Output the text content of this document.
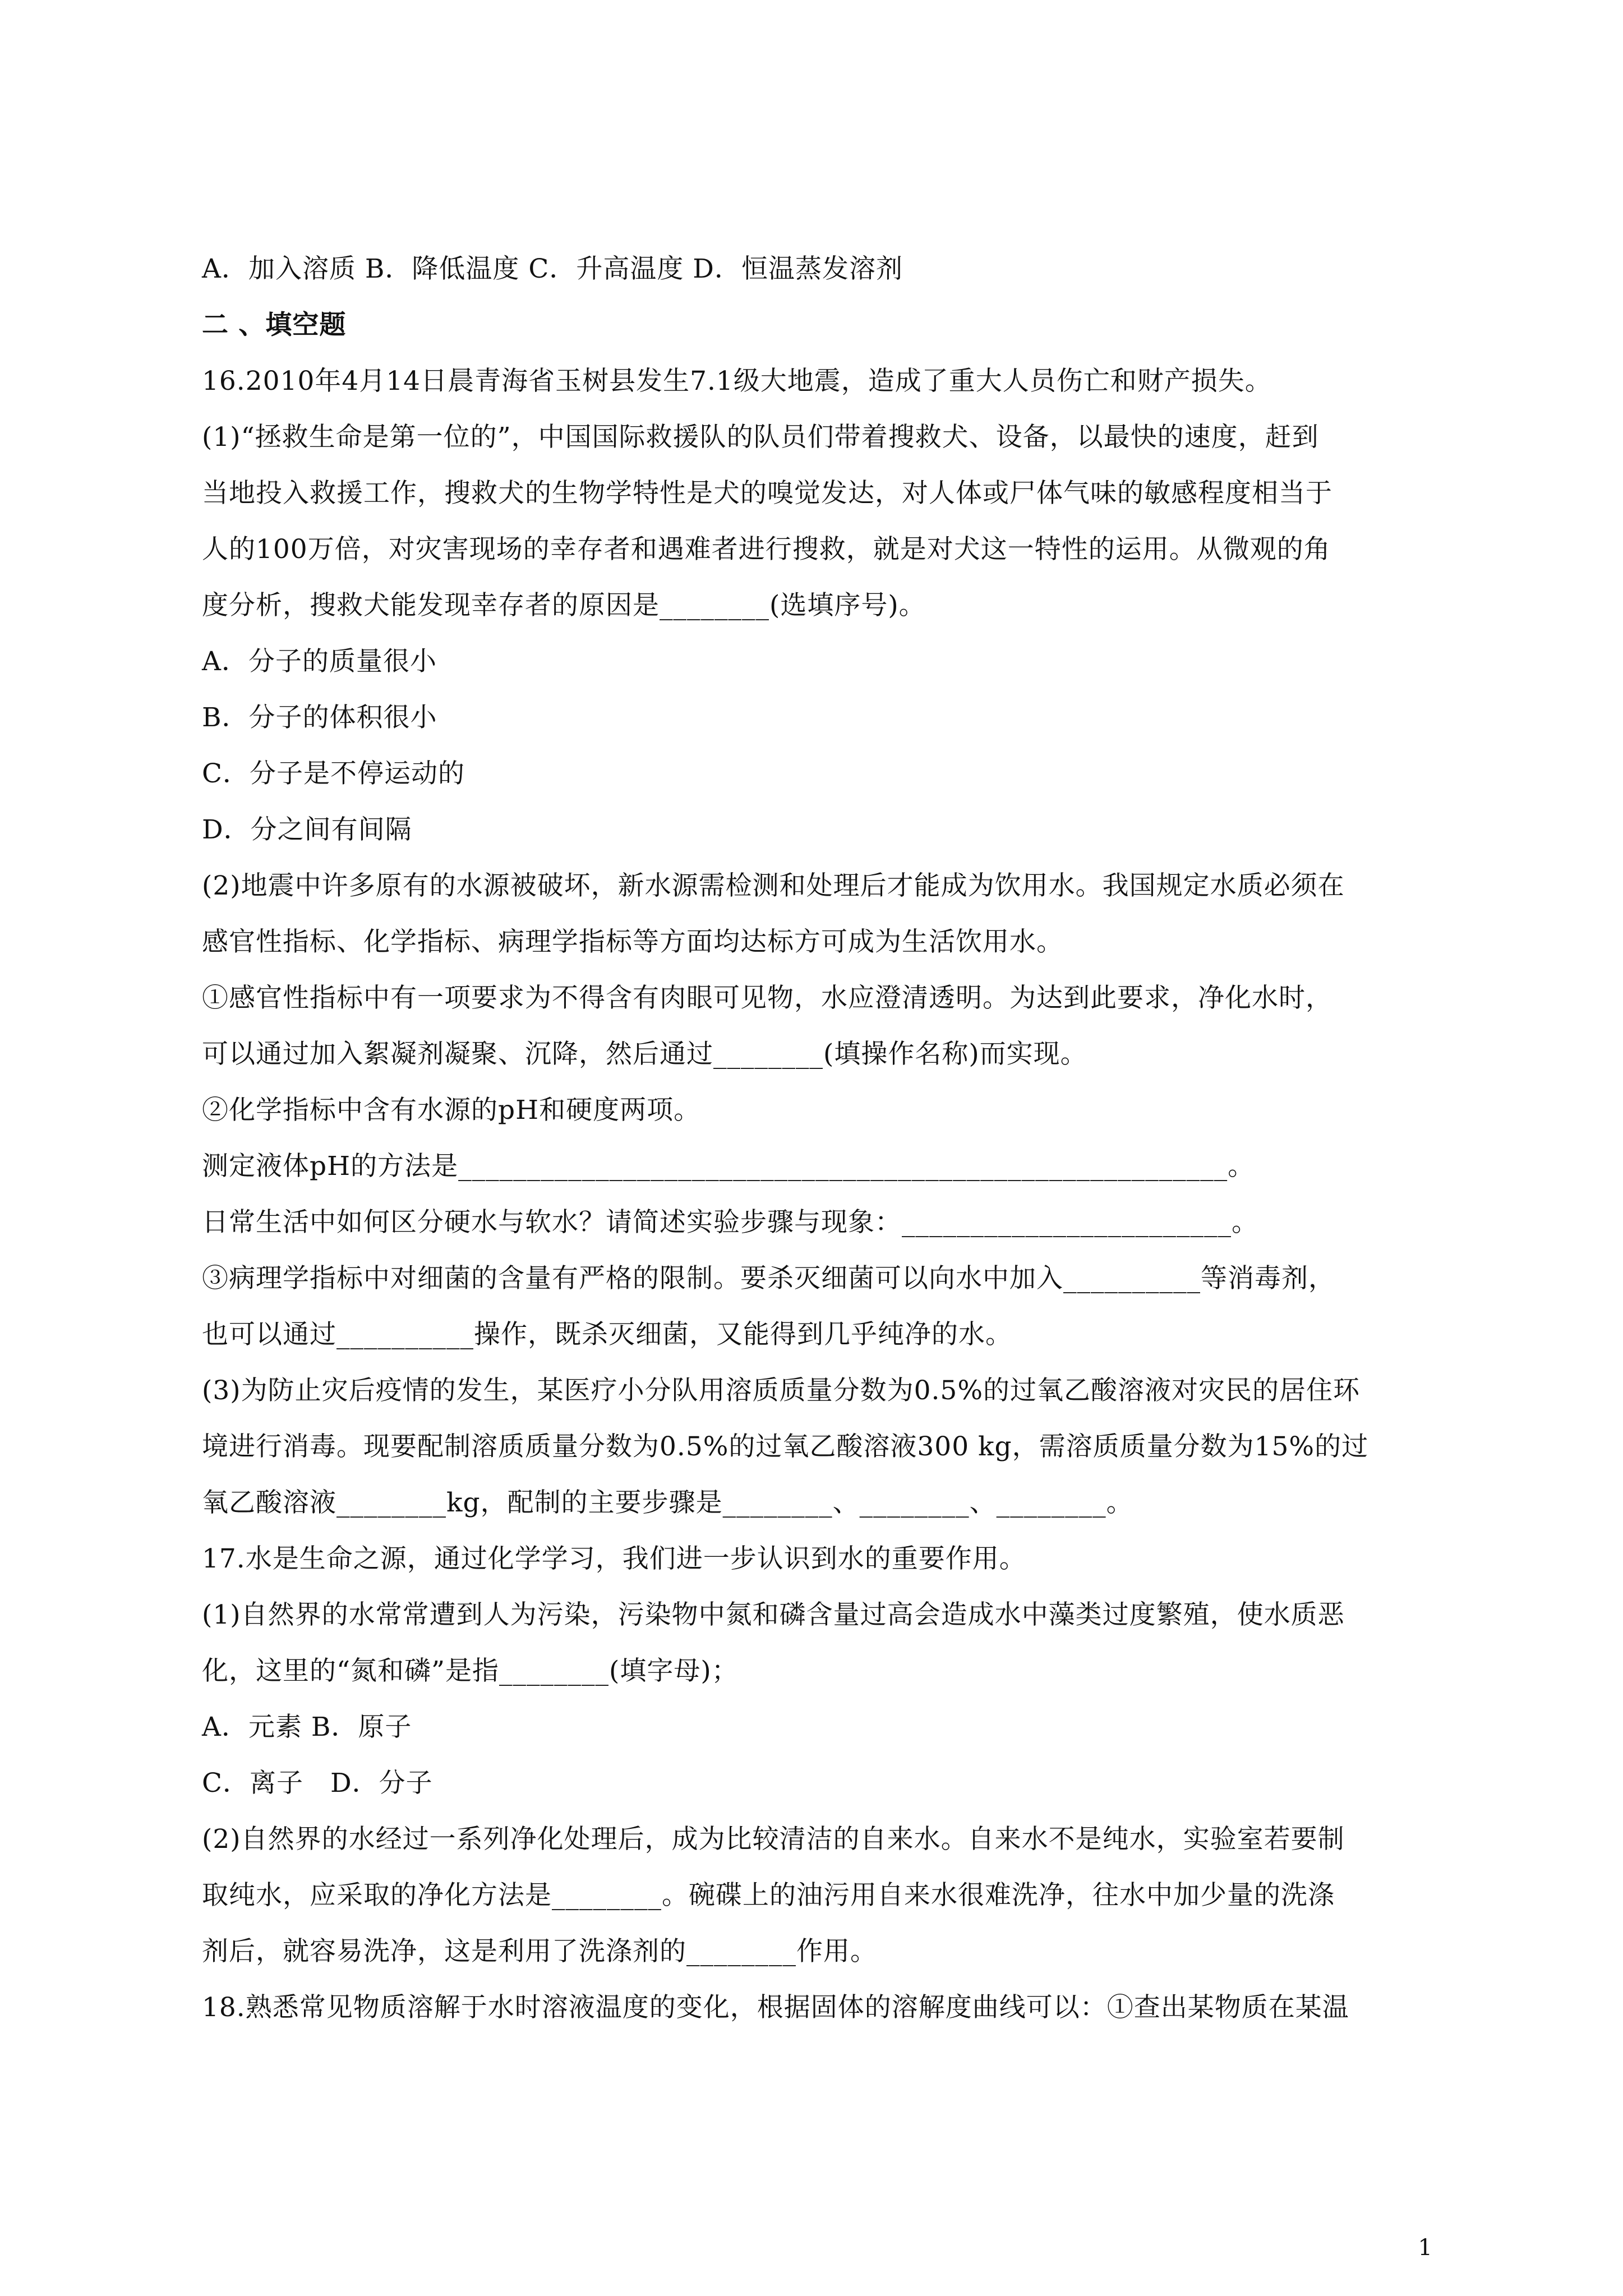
A．加入溶质 B．降低温度 C．升高温度 D．恒温蒸发溶剂
二 、填空题
16.2010年4月14日晨青海省玉树县发生7.1级大地震，造成了重大人员伤亡和财产损失。
(1)“拯救生命是第一位的”，中国国际救援队的队员们带着搜救犬、设备，以最快的速度，赶到
当地投入救援工作，搜救犬的生物学特性是犬的嗅觉发达，对人体或尸体气味的敏感程度相当于
人的100万倍，对灾害现场的幸存者和遇难者进行搜救，就是对犬这一特性的运用。从微观的角
度分析，搜救犬能发现幸存者的原因是________(选填序号)。
A．分子的质量很小
B．分子的体积很小
C．分子是不停运动的
D．分之间有间隔
(2)地震中许多原有的水源被破坏，新水源需检测和处理后才能成为饮用水。我国规定水质必须在
感官性指标、化学指标、病理学指标等方面均达标方可成为生活饮用水。
①感官性指标中有一项要求为不得含有肉眼可见物，水应澄清透明。为达到此要求，净化水时，
可以通过加入絮凝剂凝聚、沉降，然后通过________(填操作名称)而实现。
②化学指标中含有水源的pH和硬度两项。
测定液体pH的方法是________________________________________________________。
日常生活中如何区分硬水与软水？请简述实验步骤与现象：________________________。
③病理学指标中对细菌的含量有严格的限制。要杀灭细菌可以向水中加入__________等消毒剂，
也可以通过__________操作，既杀灭细菌，又能得到几乎纯净的水。
(3)为防止灾后疫情的发生，某医疗小分队用溶质质量分数为0.5%的过氧乙酸溶液对灾民的居住环
境进行消毒。现要配制溶质质量分数为0.5%的过氧乙酸溶液300 kg，需溶质质量分数为15%的过
氧乙酸溶液________kg，配制的主要步骤是________、________、________。
17.水是生命之源，通过化学学习，我们进一步认识到水的重要作用。
(1)自然界的水常常遭到人为污染，污染物中氮和磷含量过高会造成水中藻类过度繁殖，使水质恶
化，这里的“氮和磷”是指________(填字母)；
A．元素 B．原子
C．离子　D．分子
(2)自然界的水经过一系列净化处理后，成为比较清洁的自来水。自来水不是纯水，实验室若要制
取纯水，应采取的净化方法是________。碗碟上的油污用自来水很难洗净，往水中加少量的洗涤
剂后，就容易洗净，这是利用了洗涤剂的________作用。
18.熟悉常见物质溶解于水时溶液温度的变化，根据固体的溶解度曲线可以：①查出某物质在某温
1
